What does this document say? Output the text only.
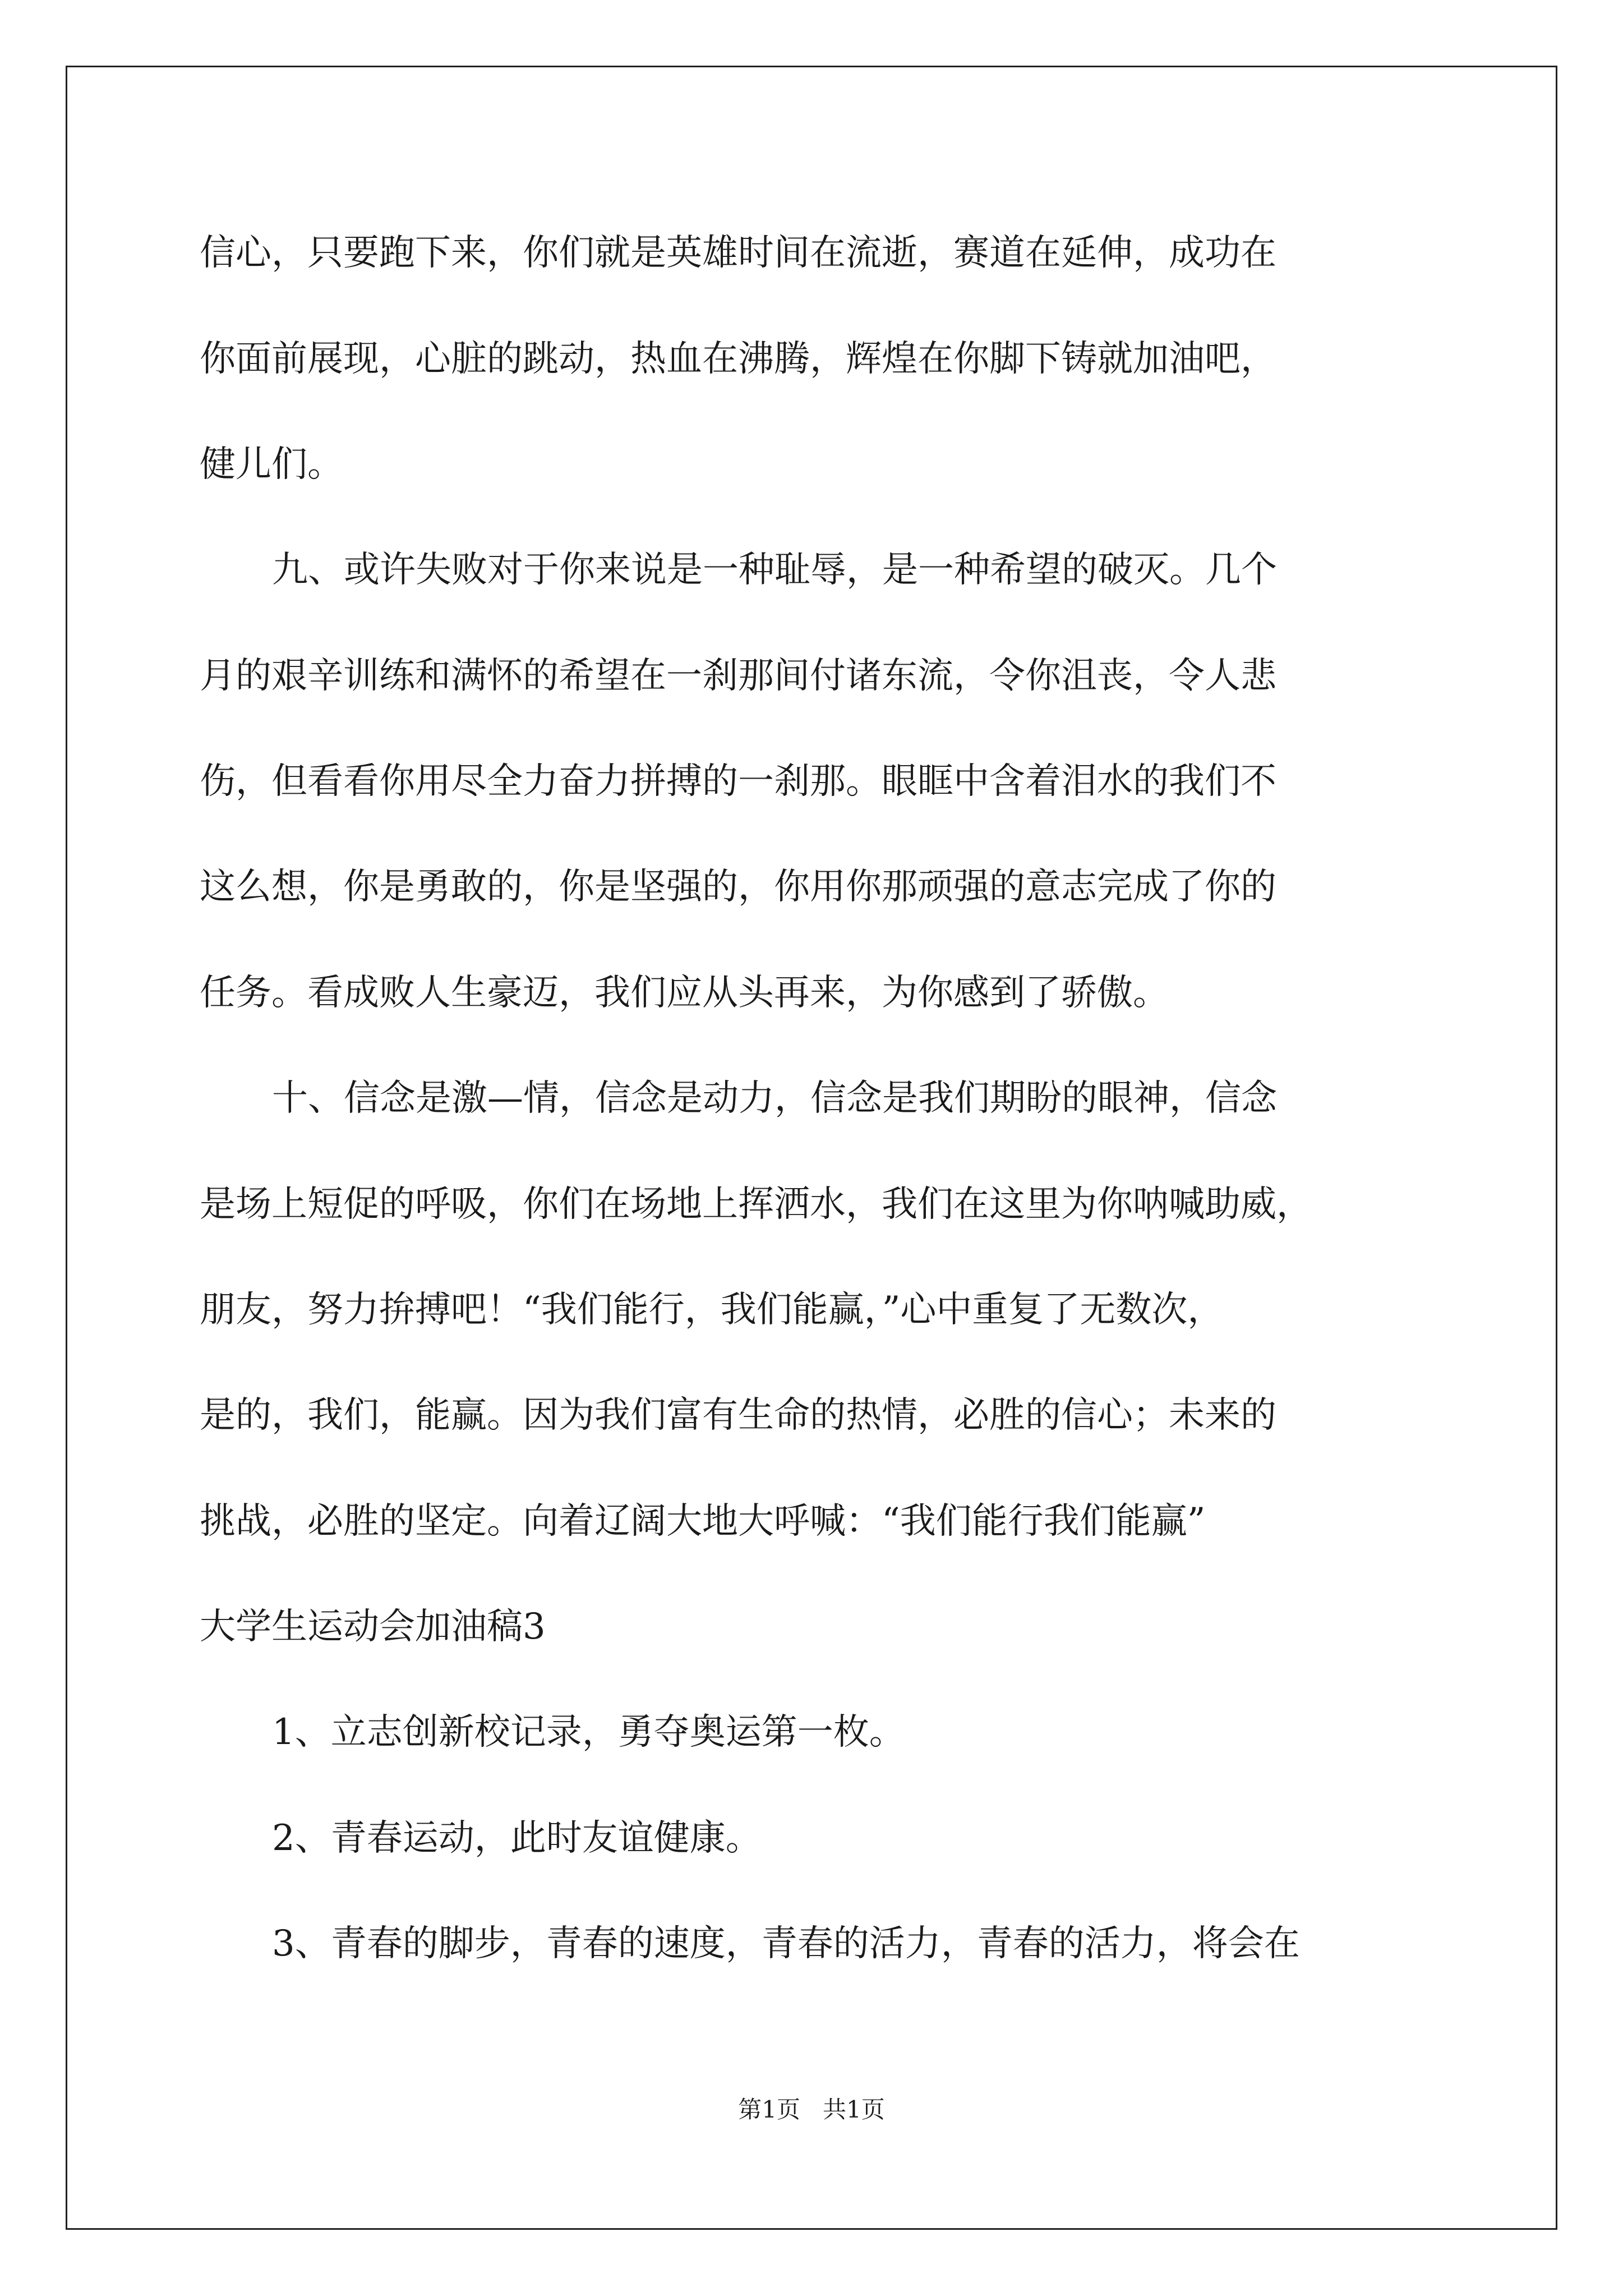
信心，只要跑下来，你们就是英雄时间在流逝，赛道在延伸，成功在
你面前展现，心脏的跳动，热血在沸腾，辉煌在你脚下铸就加油吧，
健儿们。
九、或许失败对于你来说是一种耻辱，是一种希望的破灭。几个
月的艰辛训练和满怀的希望在一刹那间付诸东流，令你沮丧，令人悲
伤，但看看你用尽全力奋力拼搏的一刹那。眼眶中含着泪水的我们不
这么想，你是勇敢的，你是坚强的，你用你那顽强的意志完成了你的
任务。看成败人生豪迈，我们应从头再来，为你感到了骄傲。
十、信念是激—情，信念是动力，信念是我们期盼的眼神，信念
是场上短促的呼吸，你们在场地上挥洒水，我们在这里为你呐喊助威，
朋友，努力拚搏吧！“我们能行，我们能赢，”心中重复了无数次，
是的，我们，能赢。因为我们富有生命的热情，必胜的信心；未来的
挑战，必胜的坚定。向着辽阔大地大呼喊：“我们能行我们能赢”
大学生运动会加油稿3
1、立志创新校记录，勇夺奥运第一枚。
2、青春运动，此时友谊健康。
3、青春的脚步，青春的速度，青春的活力，青春的活力，将会在
第1页   共1页
